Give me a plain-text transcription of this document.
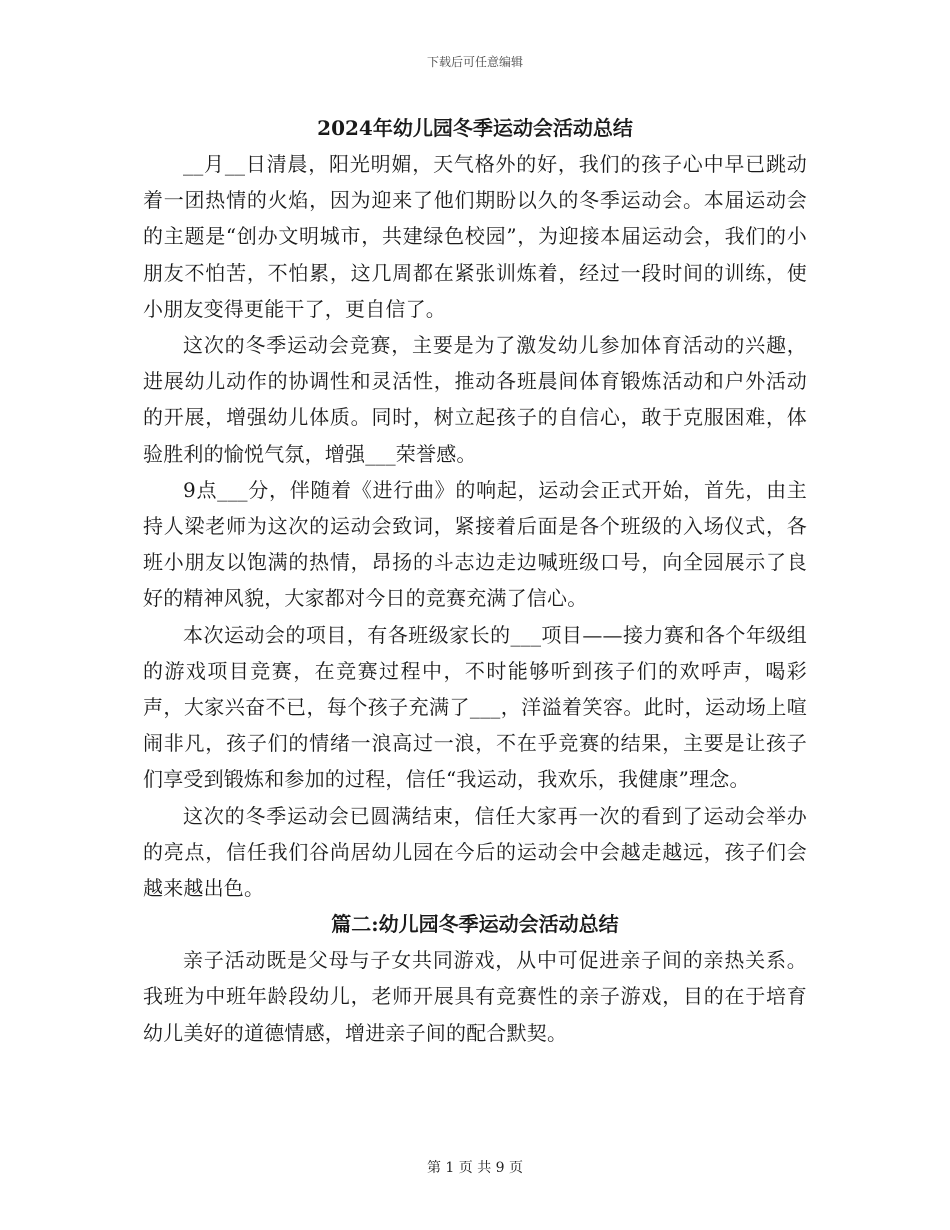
下载后可任意编辑
2024年幼儿园冬季运动会活动总结

__月__日清晨，阳光明媚，天气格外的好，我们的孩子心中早已跳动着一团热情的火焰，因为迎来了他们期盼以久的冬季运动会。本届运动会的主题是“创办文明城市，共建绿色校园”，为迎接本届运动会，我们的小朋友不怕苦，不怕累，这几周都在紧张训炼着，经过一段时间的训练，使小朋友变得更能干了，更自信了。

这次的冬季运动会竞赛，主要是为了激发幼儿参加体育活动的兴趣，进展幼儿动作的协调性和灵活性，推动各班晨间体育锻炼活动和户外活动的开展，增强幼儿体质。同时，树立起孩子的自信心，敢于克服困难，体验胜利的愉悦气氛，增强___荣誉感。

9点___分，伴随着《进行曲》的响起，运动会正式开始，首先，由主持人梁老师为这次的运动会致词，紧接着后面是各个班级的入场仪式，各班小朋友以饱满的热情，昂扬的斗志边走边喊班级口号，向全园展示了良好的精神风貌，大家都对今日的竞赛充满了信心。

本次运动会的项目，有各班级家长的___项目——接力赛和各个年级组的游戏项目竞赛，在竞赛过程中，不时能够听到孩子们的欢呼声，喝彩声，大家兴奋不已，每个孩子充满了___，洋溢着笑容。此时，运动场上喧闹非凡，孩子们的情绪一浪高过一浪，不在乎竞赛的结果，主要是让孩子们享受到锻炼和参加的过程，信任“我运动，我欢乐，我健康”理念。

这次的冬季运动会已圆满结束，信任大家再一次的看到了运动会举办的亮点，信任我们谷尚居幼儿园在今后的运动会中会越走越远，孩子们会越来越出色。

篇二:幼儿园冬季运动会活动总结

亲子活动既是父母与子女共同游戏，从中可促进亲子间的亲热关系。我班为中班年龄段幼儿，老师开展具有竞赛性的亲子游戏，目的在于培育幼儿美好的道德情感，增进亲子间的配合默契。

第 1 页 共 9 页
